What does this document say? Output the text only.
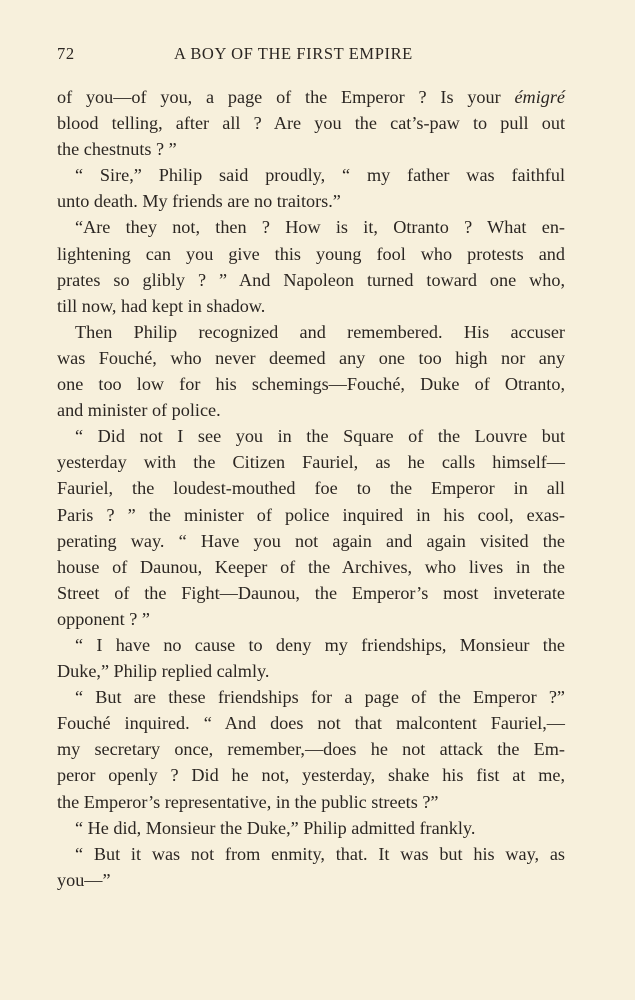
72	A BOY OF THE FIRST EMPIRE

of you—of you, a page of the Emperor ? Is your émigré

blood telling, after all ? Are you the cat’s-paw to pull out

the chestnuts ? ”

“ Sire,” Philip said proudly, “ my father was faithful

unto death. My friends are no traitors.”

“Are they not, then ? How is it, Otranto ? What en-

lightening can you give this young fool who protests and

prates so glibly ? ” And Napoleon turned toward one who,

till now, had kept in shadow.

Then Philip recognized and remembered. His accuser

was Fouché, who never deemed any one too high nor any

one too low for his schemings—Fouché, Duke of Otranto,

and minister of police.

“ Did not I see you in the Square of the Louvre but

yesterday with the Citizen Fauriel, as he calls himself—

Fauriel, the loudest-mouthed foe to the Emperor in all

Paris ? ” the minister of police inquired in his cool, exas-

perating way. “ Have you not again and again visited the

house of Daunou, Keeper of the Archives, who lives in the

Street of the Fight—Daunou, the Emperor’s most inveterate

opponent ? ”

“ I have no cause to deny my friendships, Monsieur the

Duke,” Philip replied calmly.

“ But are these friendships for a page of the Emperor ?”

Fouché inquired. “ And does not that malcontent Fauriel,—

my secretary once, remember,—does he not attack the Em-

peror openly ? Did he not, yesterday, shake his fist at me,

the Emperor’s representative, in the public streets ?”

“ He did, Monsieur the Duke,” Philip admitted frankly.

“ But it was not from enmity, that. It was but his way, as

you—”
